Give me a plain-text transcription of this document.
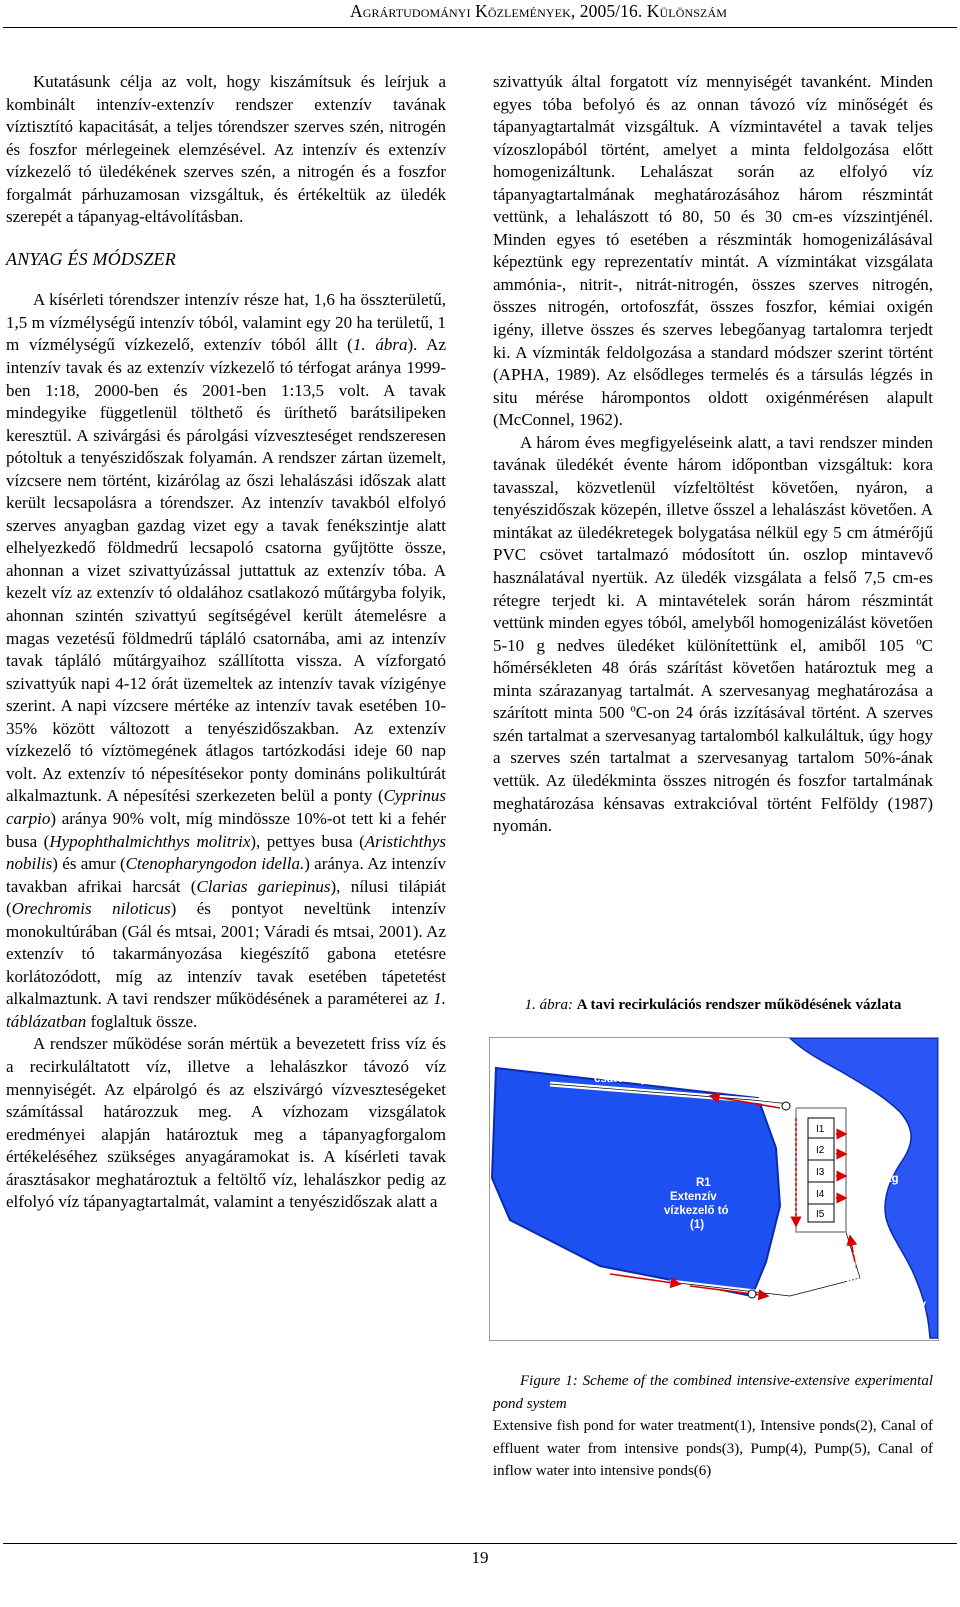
Agrártudományi Közlemények, 2005/16. Különszám

Kutatásunk célja az volt, hogy kiszámítsuk és leírjuk a kombinált intenzív-extenzív rendszer extenzív tavának víztisztító kapacitását, a teljes tórendszer szerves szén, nitrogén és foszfor mérlegeinek elemzésével. Az intenzív és extenzív vízkezelő tó üledékének szerves szén, a nitrogén és a foszfor forgalmát párhuzamosan vizsgáltuk, és értékeltük az üledék szerepét a tápanyag-eltávolításban.

ANYAG ÉS MÓDSZER

A kísérleti tórendszer intenzív része hat, 1,6 ha összterületű, 1,5 m vízmélységű intenzív tóból, valamint egy 20 ha területű, 1 m vízmélységű vízkezelő, extenzív tóból állt (1. ábra). Az intenzív tavak és az extenzív vízkezelő tó térfogat aránya 1999-ben 1:18, 2000-ben és 2001-ben 1:13,5 volt. A tavak mindegyike függetlenül tölthető és üríthető barátsilipeken keresztül. A szivárgási és párolgási vízveszteséget rendszeresen pótoltuk a tenyészidőszak folyamán. A rendszer zártan üzemelt, vízcsere nem történt, kizárólag az őszi lehalászási időszak alatt került lecsapolásra a tórendszer. Az intenzív tavakból elfolyó szerves anyagban gazdag vizet egy a tavak fenékszintje alatt elhelyezkedő földmedrű lecsapoló csatorna gyűjtötte össze, ahonnan a vizet szivattyúzással juttattuk az extenzív tóba. A kezelt víz az extenzív tó oldalához csatlakozó műtárgyba folyik, ahonnan szintén szivattyú segítségével került átemelésre a magas vezetésű földmedrű tápláló csatornába, ami az intenzív tavak tápláló műtárgyaihoz szállította vissza. A vízforgató szivattyúk napi 4-12 órát üzemeltek az intenzív tavak vízigénye szerint. A napi vízcsere mértéke az intenzív tavak esetében 10-35% között változott a tenyészidőszakban. Az extenzív vízkezelő tó víztömegének átlagos tartózkodási ideje 60 nap volt. Az extenzív tó népesítésekor ponty domináns polikultúrát alkalmaztunk. A népesítési szerkezeten belül a ponty (Cyprinus carpio) aránya 90% volt, míg mindössze 10%-ot tett ki a fehér busa (Hypophthalmichthys molitrix), pettyes busa (Aristichthys nobilis) és amur (Ctenopharyngodon idella.) aránya. Az intenzív tavakban afrikai harcsát (Clarias gariepinus), nílusi tilápiát (Orechromis niloticus) és pontyot neveltünk intenzív monokultúrában (Gál és mtsai, 2001; Váradi és mtsai, 2001). Az extenzív tó takarmányozása kiegészítő gabona etetésre korlátozódott, míg az intenzív tavak esetében tápetetést alkalmaztunk. A tavi rendszer működésének a paraméterei az 1. táblázatban foglaltuk össze.

A rendszer működése során mértük a bevezetett friss víz és a recirkuláltatott víz, illetve a lehalászkor távozó víz mennyiségét. Az elpárolgó és az elszivárgó vízveszteségeket számítással határozzuk meg. A vízhozam vizsgálatok eredményei alapján határoztuk meg a tápanyagforgalom értékeléséhez szükséges anyagáramokat is. A kísérleti tavak árasztásakor meghatároztuk a feltöltő víz, lehalászkor pedig az elfolyó víz tápanyagtartalmát, valamint a tenyészidőszak alatt a

szivattyúk által forgatott víz mennyiségét tavanként. Minden egyes tóba befolyó és az onnan távozó víz minőségét és tápanyagtartalmát vizsgáltuk. A vízmintavétel a tavak teljes vízoszlopából történt, amelyet a minta feldolgozása előtt homogenizáltunk. Lehalászat során az elfolyó víz tápanyagtartalmának meghatározásához három részmintát vettünk, a lehalászott tó 80, 50 és 30 cm-es vízszintjénél. Minden egyes tó esetében a részminták homogenizálásával képeztünk egy reprezentatív mintát. A vízmintákat vizsgálata ammónia-, nitrit-, nitrát-nitrogén, összes szerves nitrogén, összes nitrogén, ortofoszfát, összes foszfor, kémiai oxigén igény, illetve összes és szerves lebegőanyag tartalomra terjedt ki. A vízminták feldolgozása a standard módszer szerint történt (APHA, 1989). Az elsődleges termelés és a társulás légzés in situ mérése hárompontos oldott oxigénmérésen alapult (McConnel, 1962).

A három éves megfigyeléseink alatt, a tavi rendszer minden tavának üledékét évente három időpontban vizsgáltuk: kora tavasszal, közvetlenül vízfeltöltést követően, nyáron, a tenyészidőszak közepén, illetve ősszel a lehalászást követően. A mintákat az üledékretegek bolygatása nélkül egy 5 cm átmérőjű PVC csövet tartalmazó módosított ún. oszlop mintavevő használatával nyertük. Az üledék vizsgálata a felső 7,5 cm-es rétegre terjedt ki. A mintavételek során három részmintát vettünk minden egyes tóból, amelyből homogenizálást követően 5-10 g nedves üledéket különítettünk el, amiből 105 ºC hőmérsékleten 48 órás szárítást követően határoztuk meg a minta szárazanyag tartalmát. A szervesanyag meghatározása a szárított minta 500 ºC-on 24 órás izzításával történt. A szerves szén tartalmat a szervesanyag tartalomból kalkuláltuk, úgy hogy a szerves szén tartalmat a szervesanyag tartalom 50%-ának vettük. Az üledékminta összes nitrogén és foszfor tartalmának meghatározása kénsavas extrakcióval történt Felföldy (1987) nyomán.

1. ábra: A tavi recirkulációs rendszer működésének vázlata
Az intenzív tavak
elfolyóvizének
csatornája (3)
Az elfolyóvizet
átemelő (4)
szivattyú
R1
Extenzív
vízkezelő tó
(1)
Körös
holtág
I.1-I.5
intenzív
tavak (2)
A intenzív
tavakat
tápláló víz (6)
Szivattyú (5)
I1
I2
I3
I4
I5
Figure 1: Scheme of the combined intensive-extensive experimental pond system
Extensive fish pond for water treatment(1), Intensive ponds(2), Canal of effluent water from intensive ponds(3), Pump(4), Pump(5), Canal of inflow water into intensive ponds(6)
19
